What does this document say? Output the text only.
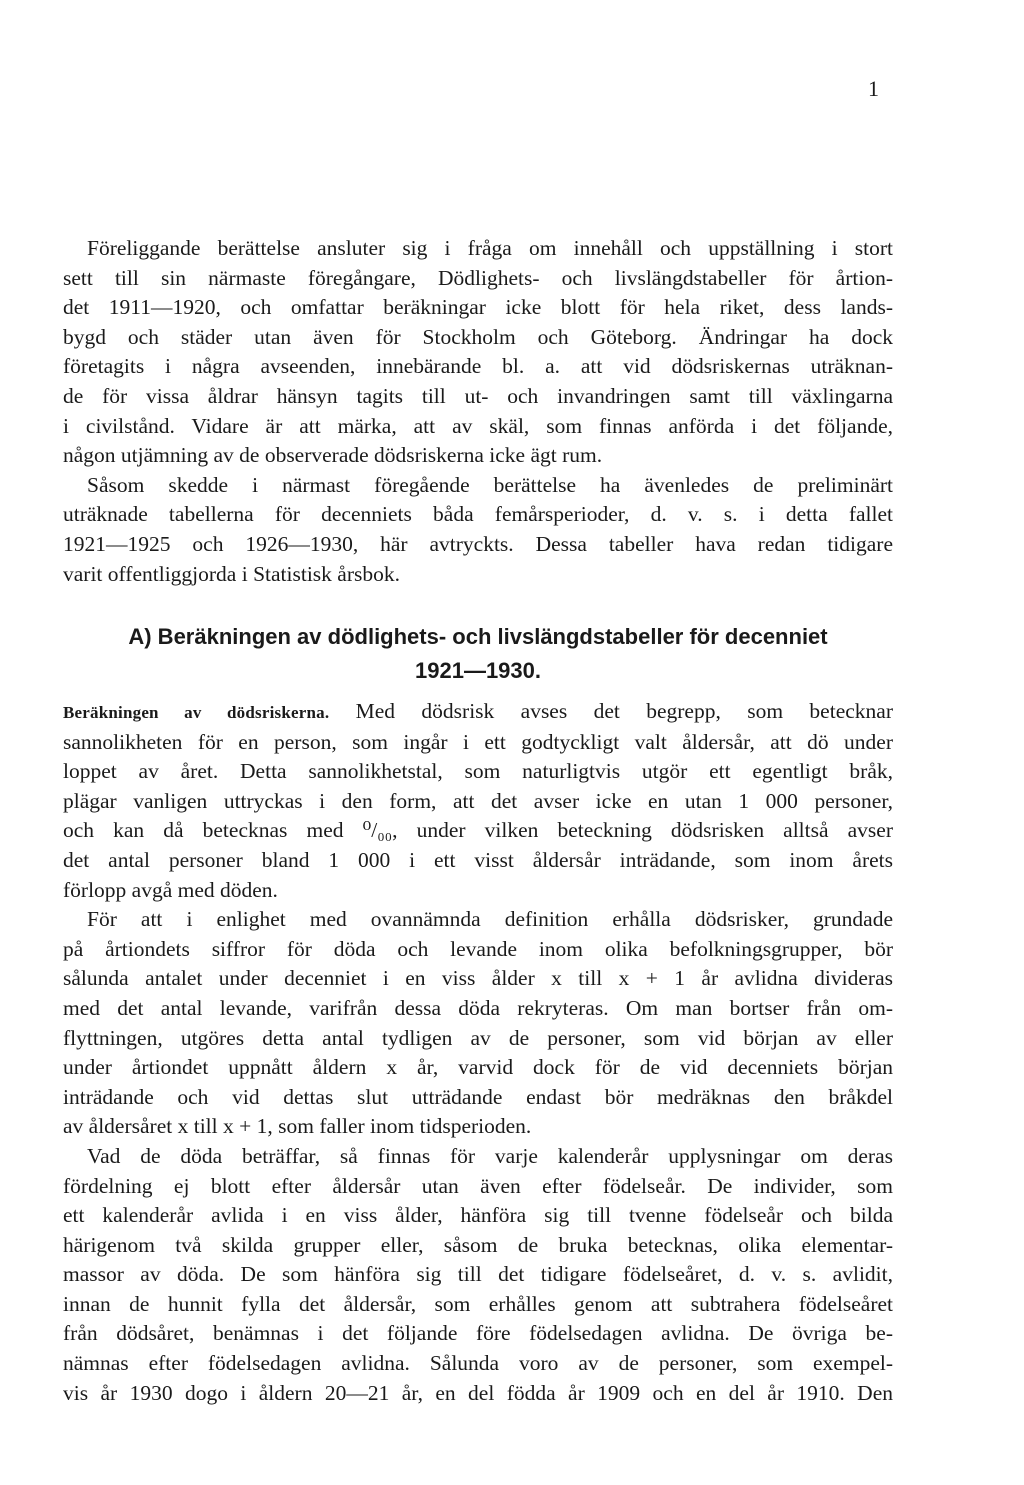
1
Föreliggande berättelse ansluter sig i fråga om innehåll och uppställning i stort
sett till sin närmaste föregångare, Dödlighets- och livslängdstabeller för årtion-
det 1911—1920, och omfattar beräkningar icke blott för hela riket, dess lands-
bygd och städer utan även för Stockholm och Göteborg. Ändringar ha dock
företagits i några avseenden, innebärande bl. a. att vid dödsriskernas uträknan-
de för vissa åldrar hänsyn tagits till ut- och invandringen samt till växlingarna
i civilstånd. Vidare är att märka, att av skäl, som finnas anförda i det följande,
någon utjämning av de observerade dödsriskerna icke ägt rum.
Såsom skedde i närmast föregående berättelse ha ävenledes de preliminärt
uträknade tabellerna för decenniets båda femårsperioder, d. v. s. i detta fallet
1921—1925 och 1926—1930, här avtryckts. Dessa tabeller hava redan tidigare
varit offentliggjorda i Statistisk årsbok.
A) Beräkningen av dödlighets- och livslängdstabeller för decenniet
1921—1930.
Beräkningen av dödsriskerna. Med dödsrisk avses det begrepp, som betecknar
sannolikheten för en person, som ingår i ett godtyckligt valt åldersår, att dö under
loppet av året. Detta sannolikhetstal, som naturligtvis utgör ett egentligt bråk,
plägar vanligen uttryckas i den form, att det avser icke en utan 1 000 personer,
och kan då betecknas med ⁰/₀₀, under vilken beteckning dödsrisken alltså avser
det antal personer bland 1 000 i ett visst åldersår inträdande, som inom årets
förlopp avgå med döden.
För att i enlighet med ovannämnda definition erhålla dödsrisker, grundade
på årtiondets siffror för döda och levande inom olika befolkningsgrupper, bör
sålunda antalet under decenniet i en viss ålder x till x + 1 år avlidna divideras
med det antal levande, varifrån dessa döda rekryteras. Om man bortser från om-
flyttningen, utgöres detta antal tydligen av de personer, som vid början av eller
under årtiondet uppnått åldern x år, varvid dock för de vid decenniets början
inträdande och vid dettas slut utträdande endast bör medräknas den bråkdel
av åldersåret x till x + 1, som faller inom tidsperioden.
Vad de döda beträffar, så finnas för varje kalenderår upplysningar om deras
fördelning ej blott efter åldersår utan även efter födelseår. De individer, som
ett kalenderår avlida i en viss ålder, hänföra sig till tvenne födelseår och bilda
härigenom två skilda grupper eller, såsom de bruka betecknas, olika elementar-
massor av döda. De som hänföra sig till det tidigare födelseåret, d. v. s. avlidit,
innan de hunnit fylla det åldersår, som erhålles genom att subtrahera födelseåret
från dödsåret, benämnas i det följande före födelsedagen avlidna. De övriga be-
nämnas efter födelsedagen avlidna. Sålunda voro av de personer, som exempel-
vis år 1930 dogo i åldern 20—21 år, en del födda år 1909 och en del år 1910. Den
